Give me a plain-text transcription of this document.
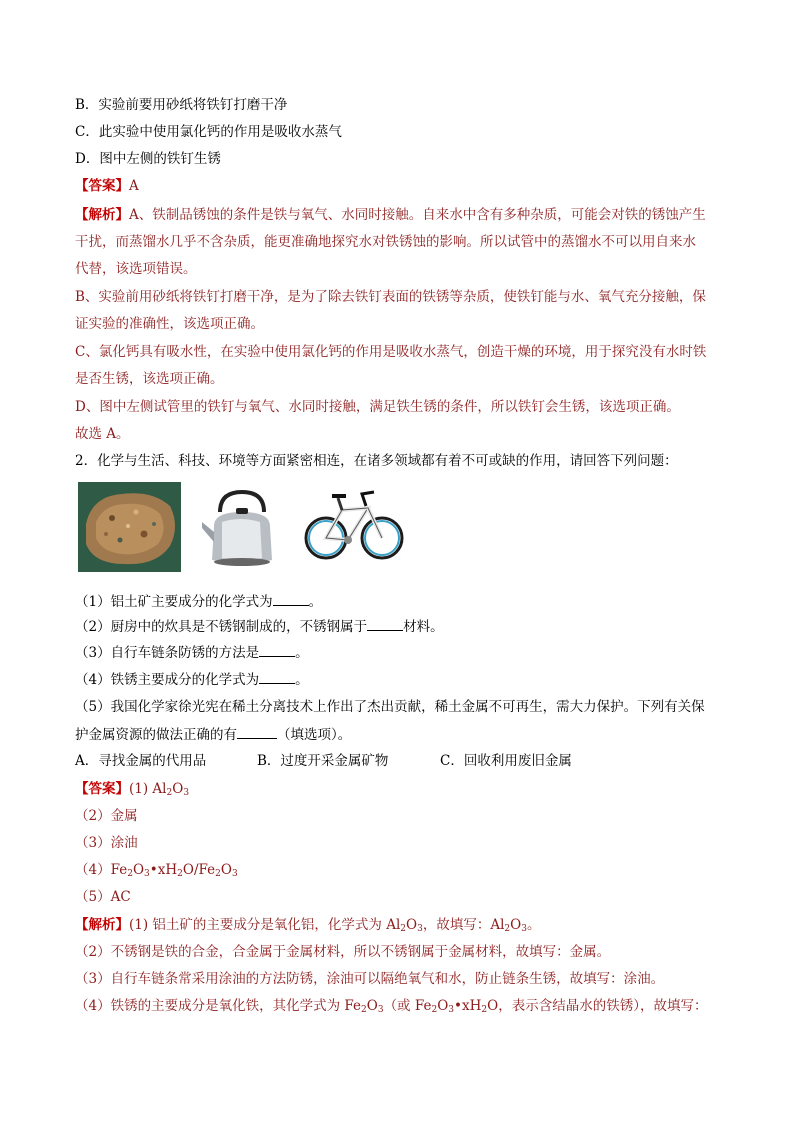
B．实验前要用砂纸将铁钉打磨干净
C．此实验中使用氯化钙的作用是吸收水蒸气
D．图中左侧的铁钉生锈
【答案】A
【解析】A、铁制品锈蚀的条件是铁与氧气、水同时接触。自来水中含有多种杂质，可能会对铁的锈蚀产生
干扰，而蒸馏水几乎不含杂质，能更准确地探究水对铁锈蚀的影响。所以试管中的蒸馏水不可以用自来水
代替，该选项错误。
B、实验前用砂纸将铁钉打磨干净，是为了除去铁钉表面的铁锈等杂质，使铁钉能与水、氧气充分接触，保
证实验的准确性，该选项正确。
C、氯化钙具有吸水性，在实验中使用氯化钙的作用是吸收水蒸气，创造干燥的环境，用于探究没有水时铁
是否生锈，该选项正确。
D、图中左侧试管里的铁钉与氧气、水同时接触，满足铁生锈的条件，所以铁钉会生锈，该选项正确。
故选 A。
2．化学与生活、科技、环境等方面紧密相连，在诸多领域都有着不可或缺的作用，请回答下列问题：
（1）铝土矿主要成分的化学式为	。
（2）厨房中的炊具是不锈钢制成的，不锈钢属于	材料。
（3）自行车链条防锈的方法是	。
（4）铁锈主要成分的化学式为	。
（5）我国化学家徐光宪在稀土分离技术上作出了杰出贡献，稀土金属不可再生，需大力保护。下列有关保
护金属资源的做法正确的有	（填选项）。
A．寻找金属的代用品	B．过度开采金属矿物	C．回收利用废旧金属
【答案】(1) $Al_2O_3$
（2）金属
（3）涂油
$(4)Fe_2O_3•xH_2O/Fe_2O_3$
（5）AC
【解析】(1) 铝土矿的主要成分是氧化铝，化学式为 $Al_2O_3$，故填写：$Al_2O_3$。
（2）不锈钢是铁的合金，合金属于金属材料，所以不锈钢属于金属材料，故填写：金属。
（3）自行车链条常采用涂油的方法防锈，涂油可以隔绝氧气和水，防止链条生锈，故填写：涂油。
（4）铁锈的主要成分是氧化铁，其化学式为 $Fe_2O_3$（或 $Fe_2O_3•xH_2O$，表示含结晶水的铁锈），故填写：
